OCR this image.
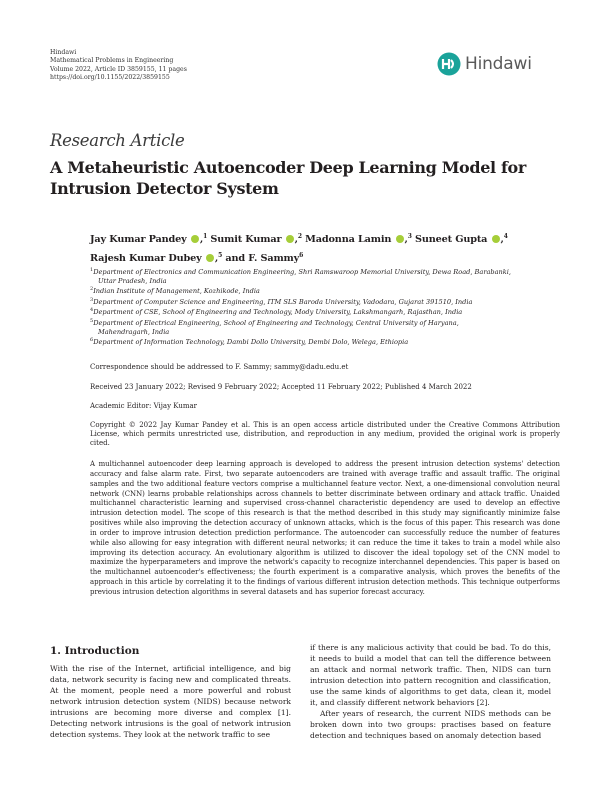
Hindawi
Mathematical Problems in Engineering
Volume 2022, Article ID 3859155, 11 pages
https://doi.org/10.1155/2022/3859155
Hindawi
Research Article
A Metaheuristic Autoencoder Deep Learning Model for Intrusion Detector System
Jay Kumar Pandey ,$^1$ Sumit Kumar ,$^2$ Madonna Lamin ,$^3$ Suneet Gupta ,$^4$
Rajesh Kumar Dubey ,$^5$ and F. Sammy$^6$
$^1$Department of Electronics and Communication Engineering, Shri Ramswaroop Memorial University, Dewa Road, Barabanki,
Uttar Pradesh, India
$^2$Indian Institute of Management, Kozhikode, India
$^3$Department of Computer Science and Engineering, ITM SLS Baroda University, Vadodara, Gujarat 391510, India
$^4$Department of CSE, School of Engineering and Technology, Mody University, Lakshmangarh, Rajasthan, India
$^5$Department of Electrical Engineering, School of Engineering and Technology, Central University of Haryana,
Mahendragarh, India
$^6$Department of Information Technology, Dambi Dollo University, Dembi Dolo, Welega, Ethiopia
Correspondence should be addressed to F. Sammy; sammy@dadu.edu.et
Received 23 January 2022; Revised 9 February 2022; Accepted 11 February 2022; Published 4 March 2022
Academic Editor: Vijay Kumar
Copyright © 2022 Jay Kumar Pandey et al. This is an open access article distributed under the Creative Commons Attribution License, which permits unrestricted use, distribution, and reproduction in any medium, provided the original work is properly cited.
A multichannel autoencoder deep learning approach is developed to address the present intrusion detection systems' detection accuracy and false alarm rate. First, two separate autoencoders are trained with average traffic and assault traffic. The original samples and the two additional feature vectors comprise a multichannel feature vector. Next, a one-dimensional convolution neural network (CNN) learns probable relationships across channels to better discriminate between ordinary and attack traffic. Unaided multichannel characteristic learning and supervised cross-channel characteristic dependency are used to develop an effective intrusion detection model. The scope of this research is that the method described in this study may significantly minimize false positives while also improving the detection accuracy of unknown attacks, which is the focus of this paper. This research was done in order to improve intrusion detection prediction performance. The autoencoder can successfully reduce the number of features while also allowing for easy integration with different neural networks; it can reduce the time it takes to train a model while also improving its detection accuracy. An evolutionary algorithm is utilized to discover the ideal topology set of the CNN model to maximize the hyperparameters and improve the network's capacity to recognize interchannel dependencies. This paper is based on the multichannel autoencoder's effectiveness; the fourth experiment is a comparative analysis, which proves the benefits of the approach in this article by correlating it to the findings of various different intrusion detection methods. This technique outperforms previous intrusion detection algorithms in several datasets and has superior forecast accuracy.
1. Introduction
With the rise of the Internet, artificial intelligence, and big data, network security is facing new and complicated threats. At the moment, people need a more powerful and robust network intrusion detection system (NIDS) because network intrusions are becoming more diverse and complex [1]. Detecting network intrusions is the goal of network intrusion detection systems. They look at the network traffic to see
if there is any malicious activity that could be bad. To do this, it needs to build a model that can tell the difference between an attack and normal network traffic. Then, NIDS can turn intrusion detection into pattern recognition and classification, use the same kinds of algorithms to get data, clean it, model it, and classify different network behaviors [2].
After years of research, the current NIDS methods can be broken down into two groups: practises based on feature detection and techniques based on anomaly detection based
